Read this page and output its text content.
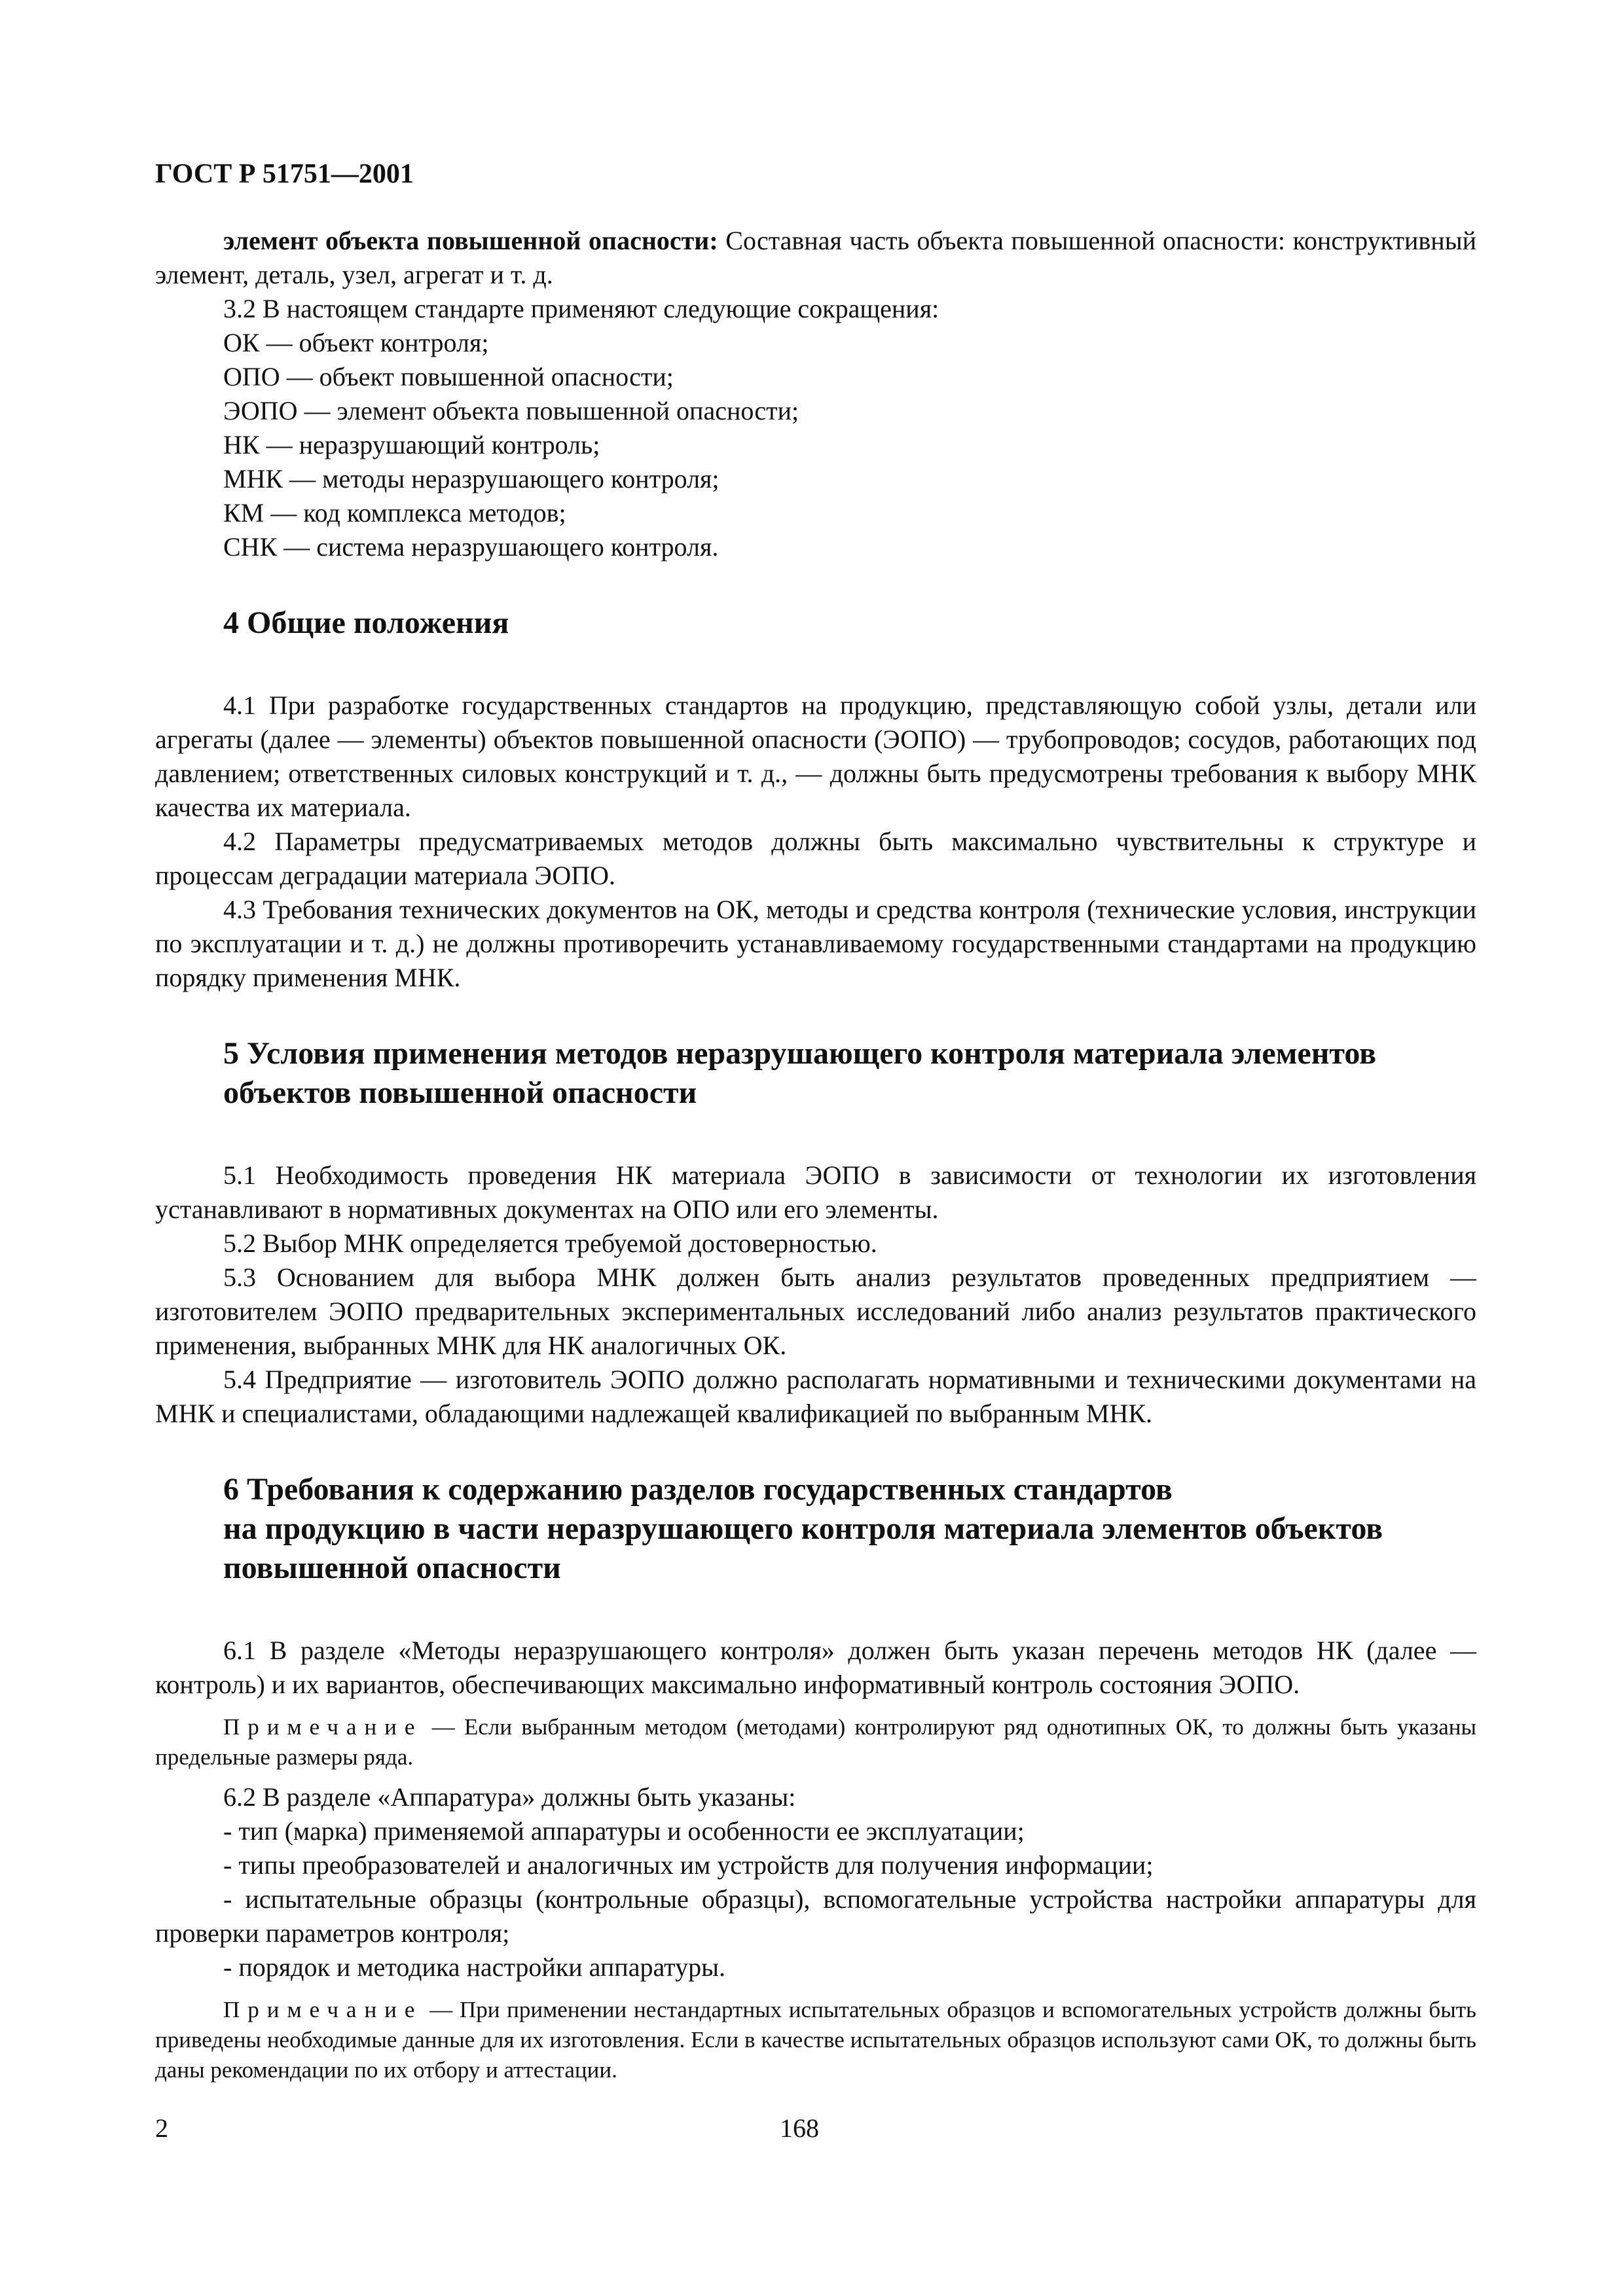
ГОСТ Р 51751—2001

элемент объекта повышенной опасности: Составная часть объекта повышенной опасности: конструктивный элемент, деталь, узел, агрегат и т. д.

3.2 В настоящем стандарте применяют следующие сокращения:

ОК — объект контроля;
ОПО — объект повышенной опасности;
ЭОПО — элемент объекта повышенной опасности;
НК — неразрушающий контроль;
МНК — методы неразрушающего контроля;
КМ — код комплекса методов;
СНК — система неразрушающего контроля.
4 Общие положения

4.1 При разработке государственных стандартов на продукцию, представляющую собой узлы, детали или агрегаты (далее — элементы) объектов повышенной опасности (ЭОПО) — трубопроводов; сосудов, работающих под давлением; ответственных силовых конструкций и т. д., — должны быть предусмотрены требования к выбору МНК качества их материала.

4.2 Параметры предусматриваемых методов должны быть максимально чувствительны к структуре и процессам деградации материала ЭОПО.

4.3 Требования технических документов на ОК, методы и средства контроля (технические условия, инструкции по эксплуатации и т. д.) не должны противоречить устанавливаемому государственными стандартами на продукцию порядку применения МНК.

5 Условия применения методов неразрушающего контроля материала элементов объектов повышенной опасности

5.1 Необходимость проведения НК материала ЭОПО в зависимости от технологии их изготовления устанавливают в нормативных документах на ОПО или его элементы.

5.2 Выбор МНК определяется требуемой достоверностью.

5.3 Основанием для выбора МНК должен быть анализ результатов проведенных предприятием — изготовителем ЭОПО предварительных экспериментальных исследований либо анализ результатов практического применения, выбранных МНК для НК аналогичных ОК.

5.4 Предприятие — изготовитель ЭОПО должно располагать нормативными и техническими документами на МНК и специалистами, обладающими надлежащей квалификацией по выбранным МНК.

6 Требования к содержанию разделов государственных стандартов
на продукцию в части неразрушающего контроля материала элементов объектов повышенной опасности

6.1 В разделе «Методы неразрушающего контроля» должен быть указан перечень методов НК (далее — контроль) и их вариантов, обеспечивающих максимально информативный контроль состояния ЭОПО.

Примечание — Если выбранным методом (методами) контролируют ряд однотипных ОК, то должны быть указаны предельные размеры ряда.

6.2 В разделе «Аппаратура» должны быть указаны:

- тип (марка) применяемой аппаратуры и особенности ее эксплуатации;

- типы преобразователей и аналогичных им устройств для получения информации;

- испытательные образцы (контрольные образцы), вспомогательные устройства настройки аппаратуры для проверки параметров контроля;

- порядок и методика настройки аппаратуры.

Примечание — При применении нестандартных испытательных образцов и вспомогательных устройств должны быть приведены необходимые данные для их изготовления. Если в качестве испытательных образцов используют сами ОК, то должны быть даны рекомендации по их отбору и аттестации.

2	168
